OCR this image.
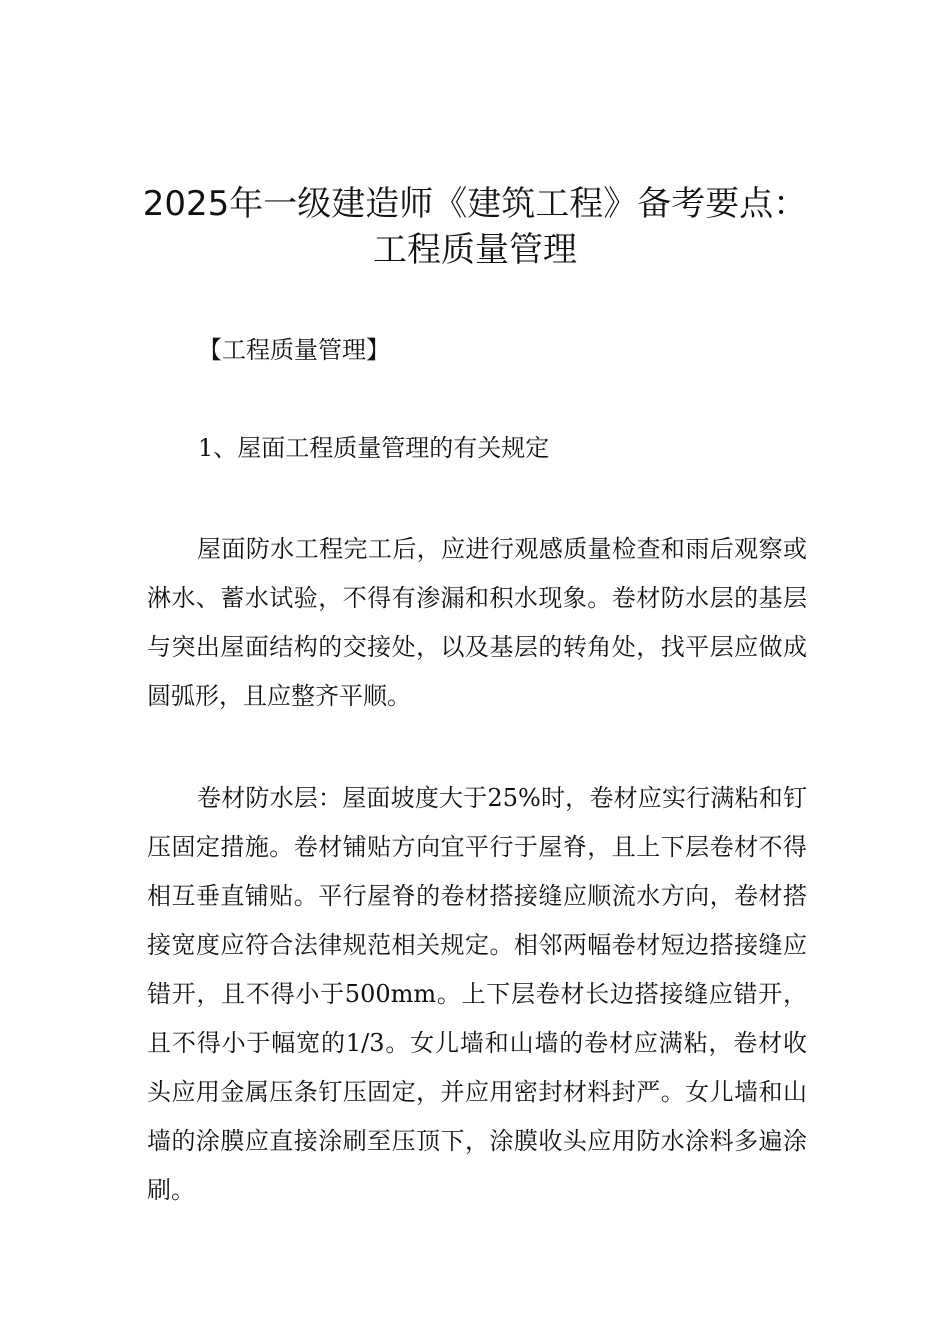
2025年一级建造师《建筑工程》备考要点：
工程质量管理

【工程质量管理】

1、屋面工程质量管理的有关规定

屋面防水工程完工后，应进行观感质量检查和雨后观察或淋水、蓄水试验，不得有渗漏和积水现象。卷材防水层的基层与突出屋面结构的交接处，以及基层的转角处，找平层应做成圆弧形，且应整齐平顺。

卷材防水层：屋面坡度大于25%时，卷材应实行满粘和钉压固定措施。卷材铺贴方向宜平行于屋脊，且上下层卷材不得相互垂直铺贴。平行屋脊的卷材搭接缝应顺流水方向，卷材搭接宽度应符合法律规范相关规定。相邻两幅卷材短边搭接缝应错开，且不得小于500mm。上下层卷材长边搭接缝应错开，且不得小于幅宽的1/3。女儿墙和山墙的卷材应满粘，卷材收头应用金属压条钉压固定，并应用密封材料封严。女儿墙和山墙的涂膜应直接涂刷至压顶下，涂膜收头应用防水涂料多遍涂刷。
